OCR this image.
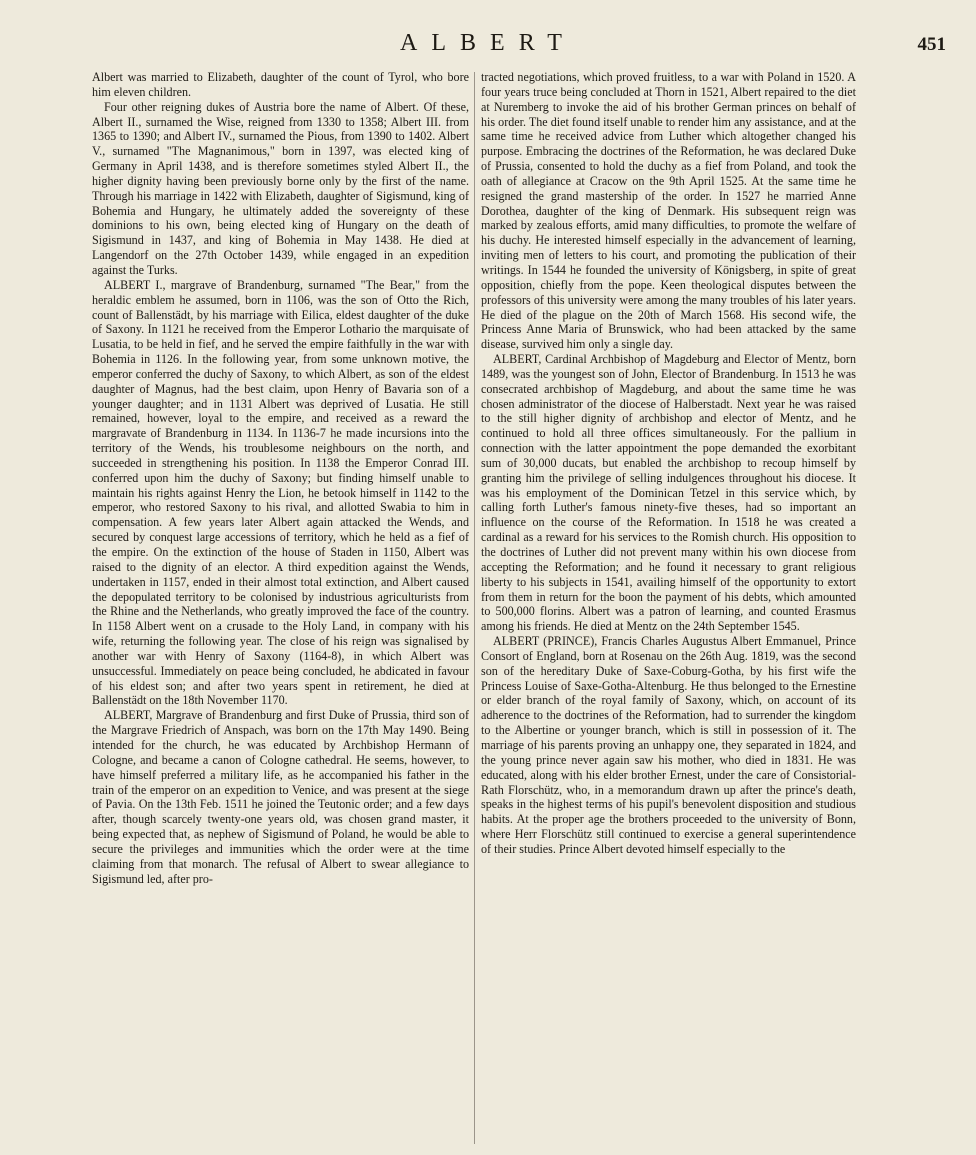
ALBERT	451

Albert was married to Elizabeth, daughter of the count of Tyrol, who bore him eleven children.

Four other reigning dukes of Austria bore the name of Albert. Of these, Albert II., surnamed the Wise, reigned from 1330 to 1358; Albert III. from 1365 to 1390; and Albert IV., surnamed the Pious, from 1390 to 1402. Albert V., surnamed "The Magnanimous," born in 1397, was elected king of Germany in April 1438, and is therefore sometimes styled Albert II., the higher dignity having been previously borne only by the first of the name. Through his marriage in 1422 with Elizabeth, daughter of Sigismund, king of Bohemia and Hungary, he ultimately added the sovereignty of these dominions to his own, being elected king of Hungary on the death of Sigismund in 1437, and king of Bohemia in May 1438. He died at Langendorf on the 27th October 1439, while engaged in an expedition against the Turks.

ALBERT I., margrave of Brandenburg, surnamed "The Bear," from the heraldic emblem he assumed, born in 1106, was the son of Otto the Rich, count of Ballenstädt, by his marriage with Eilica, eldest daughter of the duke of Saxony. In 1121 he received from the Emperor Lothario the marquisate of Lusatia, to be held in fief, and he served the empire faithfully in the war with Bohemia in 1126. In the following year, from some unknown motive, the emperor conferred the duchy of Saxony, to which Albert, as son of the eldest daughter of Magnus, had the best claim, upon Henry of Bavaria son of a younger daughter; and in 1131 Albert was deprived of Lusatia. He still remained, however, loyal to the empire, and received as a reward the margravate of Brandenburg in 1134. In 1136-7 he made incursions into the territory of the Wends, his troublesome neighbours on the north, and succeeded in strengthening his position. In 1138 the Emperor Conrad III. conferred upon him the duchy of Saxony; but finding himself unable to maintain his rights against Henry the Lion, he betook himself in 1142 to the emperor, who restored Saxony to his rival, and allotted Swabia to him in compensation. A few years later Albert again attacked the Wends, and secured by conquest large accessions of territory, which he held as a fief of the empire. On the extinction of the house of Staden in 1150, Albert was raised to the dignity of an elector. A third expedition against the Wends, undertaken in 1157, ended in their almost total extinction, and Albert caused the depopulated territory to be colonised by industrious agriculturists from the Rhine and the Netherlands, who greatly improved the face of the country. In 1158 Albert went on a crusade to the Holy Land, in company with his wife, returning the following year. The close of his reign was signalised by another war with Henry of Saxony (1164-8), in which Albert was unsuccessful. Immediately on peace being concluded, he abdicated in favour of his eldest son; and after two years spent in retirement, he died at Ballenstädt on the 18th November 1170.

ALBERT, Margrave of Brandenburg and first Duke of Prussia, third son of the Margrave Friedrich of Anspach, was born on the 17th May 1490. Being intended for the church, he was educated by Archbishop Hermann of Cologne, and became a canon of Cologne cathedral. He seems, however, to have himself preferred a military life, as he accompanied his father in the train of the emperor on an expedition to Venice, and was present at the siege of Pavia. On the 13th Feb. 1511 he joined the Teutonic order; and a few days after, though scarcely twenty-one years old, was chosen grand master, it being expected that, as nephew of Sigismund of Poland, he would be able to secure the privileges and immunities which the order were at the time claiming from that monarch. The refusal of Albert to swear allegiance to Sigismund led, after pro-

tracted negotiations, which proved fruitless, to a war with Poland in 1520. A four years truce being concluded at Thorn in 1521, Albert repaired to the diet at Nuremberg to invoke the aid of his brother German princes on behalf of his order. The diet found itself unable to render him any assistance, and at the same time he received advice from Luther which altogether changed his purpose. Embracing the doctrines of the Reformation, he was declared Duke of Prussia, consented to hold the duchy as a fief from Poland, and took the oath of allegiance at Cracow on the 9th April 1525. At the same time he resigned the grand mastership of the order. In 1527 he married Anne Dorothea, daughter of the king of Denmark. His subsequent reign was marked by zealous efforts, amid many difficulties, to promote the welfare of his duchy. He interested himself especially in the advancement of learning, inviting men of letters to his court, and promoting the publication of their writings. In 1544 he founded the university of Königsberg, in spite of great opposition, chiefly from the pope. Keen theological disputes between the professors of this university were among the many troubles of his later years. He died of the plague on the 20th of March 1568. His second wife, the Princess Anne Maria of Brunswick, who had been attacked by the same disease, survived him only a single day.

ALBERT, Cardinal Archbishop of Magdeburg and Elector of Mentz, born 1489, was the youngest son of John, Elector of Brandenburg. In 1513 he was consecrated archbishop of Magdeburg, and about the same time he was chosen administrator of the diocese of Halberstadt. Next year he was raised to the still higher dignity of archbishop and elector of Mentz, and he continued to hold all three offices simultaneously. For the pallium in connection with the latter appointment the pope demanded the exorbitant sum of 30,000 ducats, but enabled the archbishop to recoup himself by granting him the privilege of selling indulgences throughout his diocese. It was his employment of the Dominican Tetzel in this service which, by calling forth Luther's famous ninety-five theses, had so important an influence on the course of the Reformation. In 1518 he was created a cardinal as a reward for his services to the Romish church. His opposition to the doctrines of Luther did not prevent many within his own diocese from accepting the Reformation; and he found it necessary to grant religious liberty to his subjects in 1541, availing himself of the opportunity to extort from them in return for the boon the payment of his debts, which amounted to 500,000 florins. Albert was a patron of learning, and counted Erasmus among his friends. He died at Mentz on the 24th September 1545.

ALBERT (PRINCE), Francis Charles Augustus Albert Emmanuel, Prince Consort of England, born at Rosenau on the 26th Aug. 1819, was the second son of the hereditary Duke of Saxe-Coburg-Gotha, by his first wife the Princess Louise of Saxe-Gotha-Altenburg. He thus belonged to the Ernestine or elder branch of the royal family of Saxony, which, on account of its adherence to the doctrines of the Reformation, had to surrender the kingdom to the Albertine or younger branch, which is still in possession of it. The marriage of his parents proving an unhappy one, they separated in 1824, and the young prince never again saw his mother, who died in 1831. He was educated, along with his elder brother Ernest, under the care of Consistorial-Rath Florschütz, who, in a memorandum drawn up after the prince's death, speaks in the highest terms of his pupil's benevolent disposition and studious habits. At the proper age the brothers proceeded to the university of Bonn, where Herr Florschütz still continued to exercise a general superintendence of their studies. Prince Albert devoted himself especially to the
